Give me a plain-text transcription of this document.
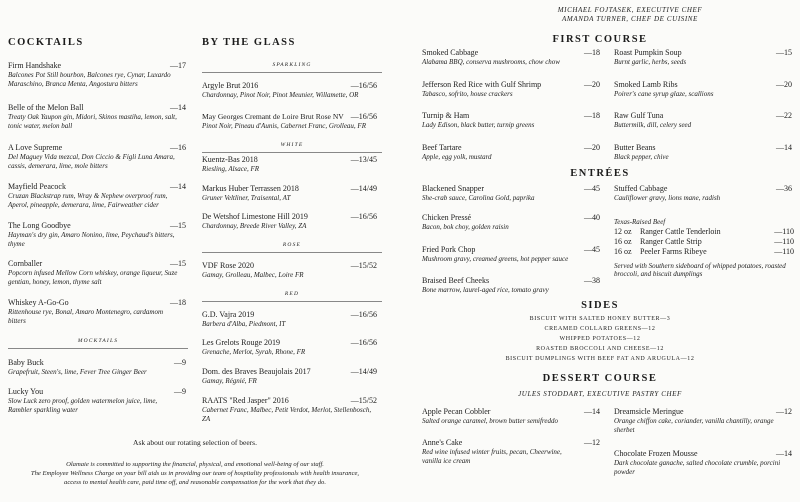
MICHAEL FOJTASEK, EXECUTIVE CHEF
AMANDA TURNER, CHEF DE CUISINE
COCKTAILS
Firm Handshake	—17
Balcones Pot Still bourbon, Balcones rye, Cynar, Luxardo Maraschino, Branca Menta, Angostura bitters
Belle of the Melon Ball	—14
Treaty Oak Yaupon gin, Midori, Skinos mastiha, lemon, salt, tonic water, melon ball
A Love Supreme	—16
Del Maguey Vida mezcal, Don Ciccio & Figli Luna Amara, cassis, demerara, lime, mole bitters
Mayfield Peacock	—14
Cruzan Blackstrap rum, Wray & Nephew overproof rum, Aperol, pineapple, demerara, lime, Fairweather cider
The Long Goodbye	—15
Hayman's dry gin, Amaro Nonino, lime, Peychaud's bitters, thyme
Cornballer	—15
Popcorn infused Mellow Corn whiskey, orange liqueur, Suze gentian, honey, lemon, thyme salt
Whiskey A-Go-Go	—18
Rittenhouse rye, Bonal, Amaro Montenegro, cardamom bitters
MOCKTAILS
Baby Buck	—9
Grapefruit, Steen's, lime, Fever Tree Ginger Beer
Lucky You	—9
Slow Luck zero proof, golden watermelon juice, lime, Rambler sparkling water
BY THE GLASS
SPARKLING
Argyle Brut 2016	—16/56
Chardonnay, Pinot Noir, Pinot Meunier, Willamette, OR
May Georges Cremant de Loire Brut Rose NV —16/56
Pinot Noir, Pineau d'Aunis, Cabernet Franc, Grolleau, FR
WHITE
Kuentz-Bas 2018	—13/45
Riesling, Alsace, FR
Markus Huber Terrassen 2018	—14/49
Gruner Veltliner, Traisental, AT
De Wetshof Limestone Hill 2019	—16/56
Chardonnay, Breede River Valley, ZA
ROSE
VDF Rose 2020	—15/52
Gamay, Grolleau, Malbec, Loire FR
RED
G.D. Vajra 2019	—16/56
Barbera d'Alba, Piedmont, IT
Les Grelots Rouge 2019	—16/56
Grenache, Merlot, Syrah, Rhone, FR
Dom. des Braves Beaujolais 2017	—14/49
Gamay, Régnié, FR
RAATS "Red Jasper" 2016	—15/52
Cabernet Franc, Malbec, Petit Verdot, Merlot, Stellenbosch, ZA
Ask about our rotating selection of beers.
Olamaie is committed to supporting the financial, physical, and emotional well-being of our staff.
The Employee Wellness Charge on your bill aids us in providing our team of hospitality professionals with health insurance,
access to mental health care, paid time off, and reasonable compensation for the work that they do.
FIRST COURSE
Smoked Cabbage	—18
Alabama BBQ, conserva mushrooms, chow chow
Jefferson Red Rice with Gulf Shrimp	—20
Tabasco, sofrito, house crackers
Turnip & Ham	—18
Lady Edison, black butter, turnip greens
Beef Tartare	—20
Apple, egg yolk, mustard
Roast Pumpkin Soup	—15
Burnt garlic, herbs, seeds
Smoked Lamb Ribs	—20
Poirer's cane syrup glaze, scallions
Raw Gulf Tuna	—22
Buttermilk, dill, celery seed
Butter Beans	—14
Black pepper, chive
ENTRÉES
Blackened Snapper	—45
She-crab sauce, Carolina Gold, paprika
Chicken Pressé	—40
Bacon, bok choy, golden raisin
Fried Pork Chop	—45
Mushroom gravy, creamed greens, hot pepper sauce
Braised Beef Cheeks	—38
Bone marrow, laurel-aged rice, tomato gravy
Stuffed Cabbage	—36
Cauliflower gravy, lions mane, radish
Texas-Raised Beef
12 oz Ranger Cattle Tenderloin	—110
16 oz Ranger Cattle Strip	—110
16 oz Peeler Farms Ribeye	—110
Served with Southern sideboard of whipped potatoes, roasted broccoli, and biscuit dumplings
SIDES
BISCUIT WITH SALTED HONEY BUTTER—3
CREAMED COLLARD GREENS—12
WHIPPED POTATOES—12
ROASTED BROCCOLI AND CHEESE—12
BISCUIT DUMPLINGS WITH BEEF FAT AND ARUGULA—12
DESSERT COURSE
JULES STODDART, EXECUTIVE PASTRY CHEF
Apple Pecan Cobbler	—14
Salted orange caramel, brown butter semifreddo
Anne's Cake	—12
Red wine infused winter fruits, pecan, Cheerwine, vanilla ice cream
Dreamsicle Meringue	—12
Orange chiffon cake, coriander, vanilla chantilly, orange sherbet
Chocolate Frozen Mousse	—14
Dark chocolate ganache, salted chocolate crumble, porcini powder
